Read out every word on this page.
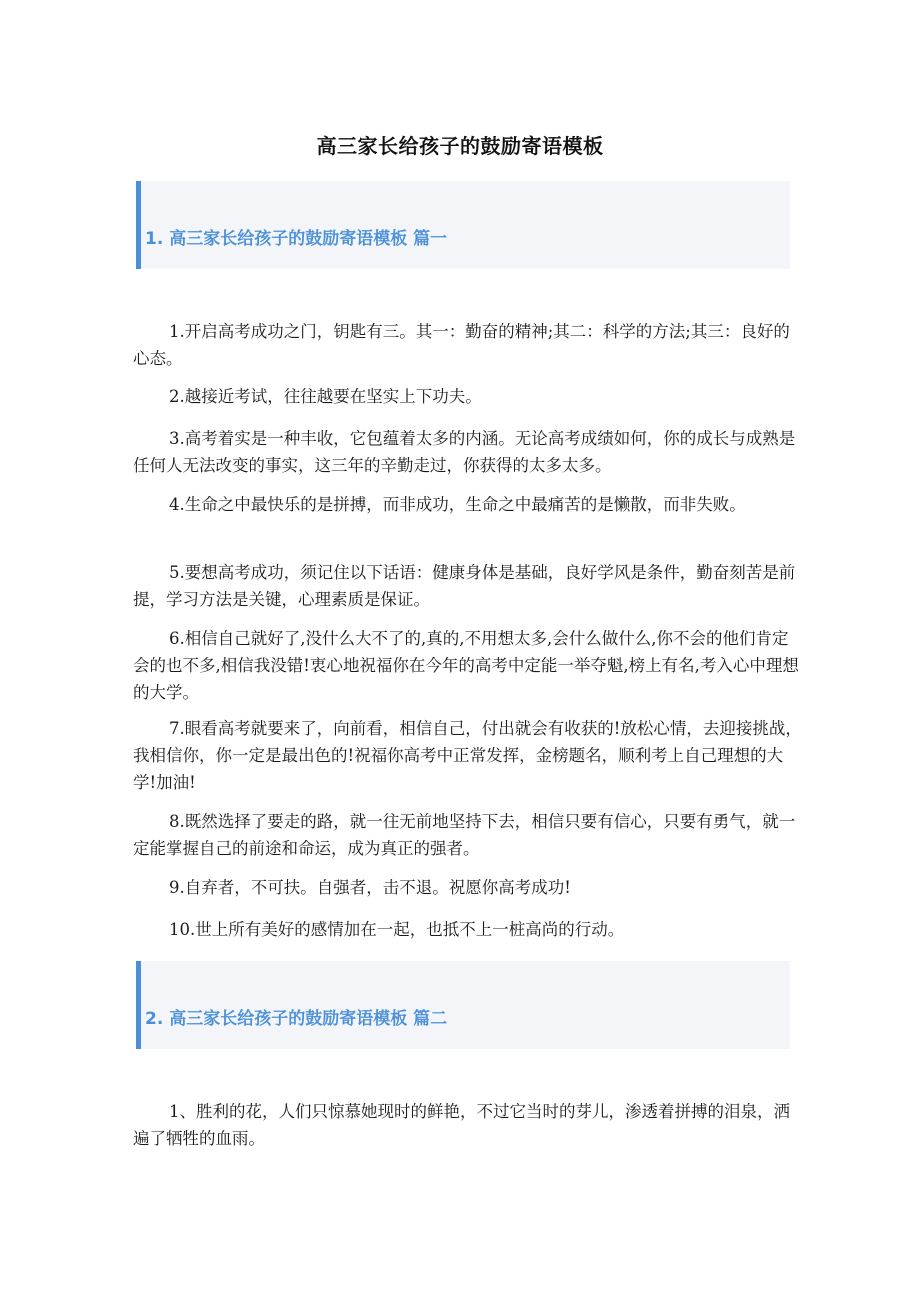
高三家长给孩子的鼓励寄语模板
1. 高三家长给孩子的鼓励寄语模板 篇一

1.开启高考成功之门，钥匙有三。其一：勤奋的精神;其二：科学的方法;其三：良好的心态。

2.越接近考试，往往越要在坚实上下功夫。

3.高考着实是一种丰收，它包蕴着太多的内涵。无论高考成绩如何，你的成长与成熟是任何人无法改变的事实，这三年的辛勤走过，你获得的太多太多。

4.生命之中最快乐的是拼搏，而非成功，生命之中最痛苦的是懒散，而非失败。

5.要想高考成功，须记住以下话语：健康身体是基础，良好学风是条件，勤奋刻苦是前提，学习方法是关键，心理素质是保证。

6.相信自己就好了,没什么大不了的,真的,不用想太多,会什么做什么,你不会的他们肯定会的也不多,相信我没错!衷心地祝福你在今年的高考中定能一举夺魁,榜上有名,考入心中理想的大学。

7.眼看高考就要来了，向前看，相信自己，付出就会有收获的!放松心情，去迎接挑战，我相信你，你一定是最出色的!祝福你高考中正常发挥，金榜题名，顺利考上自己理想的大学!加油!

8.既然选择了要走的路，就一往无前地坚持下去，相信只要有信心，只要有勇气，就一定能掌握自己的前途和命运，成为真正的强者。

9.自弃者，不可扶。自强者，击不退。祝愿你高考成功!

10.世上所有美好的感情加在一起，也抵不上一桩高尚的行动。

2. 高三家长给孩子的鼓励寄语模板 篇二

1、胜利的花，人们只惊慕她现时的鲜艳，不过它当时的芽儿，渗透着拼搏的泪泉，洒遍了牺牲的血雨。
